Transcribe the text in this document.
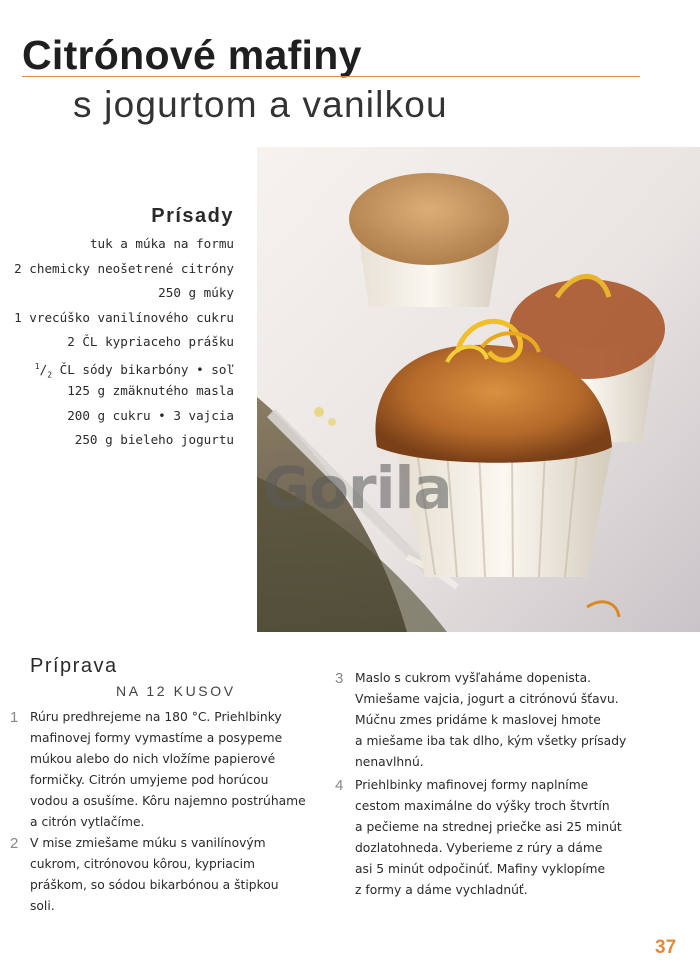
Citrónové mafiny
s jogurtom a vanilkou
Gorila
Prísady
tuk a múka na formu
2 chemicky neošetrené citróny
250 g múky
1 vrecúško vanilínového cukru
2 ČL kypriaceho prášku
$^1/_2$ ČL sódy bikarbóny • soľ
125 g zmäknutého masla
200 g cukru • 3 vajcia
250 g bieleho jogurtu
Príprava
NA 12 KUSOV
1 Rúru predhrejeme na 180 °C. Priehlbinky
mafinovej formy vymastíme a posypeme
múkou alebo do nich vložíme papierové
formičky. Citrón umyjeme pod horúcou
vodou a osušíme. Kôru najemno postrúhame
a citrón vytlačíme.
2 V mise zmiešame múku s vanilínovým
cukrom, citrónovou kôrou, kypriacim
práškom, so sódou bikarbónou a štipkou
soli.
3 Maslo s cukrom vyšľaháme dopenista.
Vmiešame vajcia, jogurt a citrónovú šťavu.
Múčnu zmes pridáme k maslovej hmote
a miešame iba tak dlho, kým všetky prísady
nenavlhnú.
4 Priehlbinky mafinovej formy naplníme
cestom maximálne do výšky troch štvrtín
a pečieme na strednej priečke asi 25 minút
dozlatohneda. Vyberieme z rúry a dáme
asi 5 minút odpočinúť. Mafiny vyklopíme
z formy a dáme vychladnúť.
37
